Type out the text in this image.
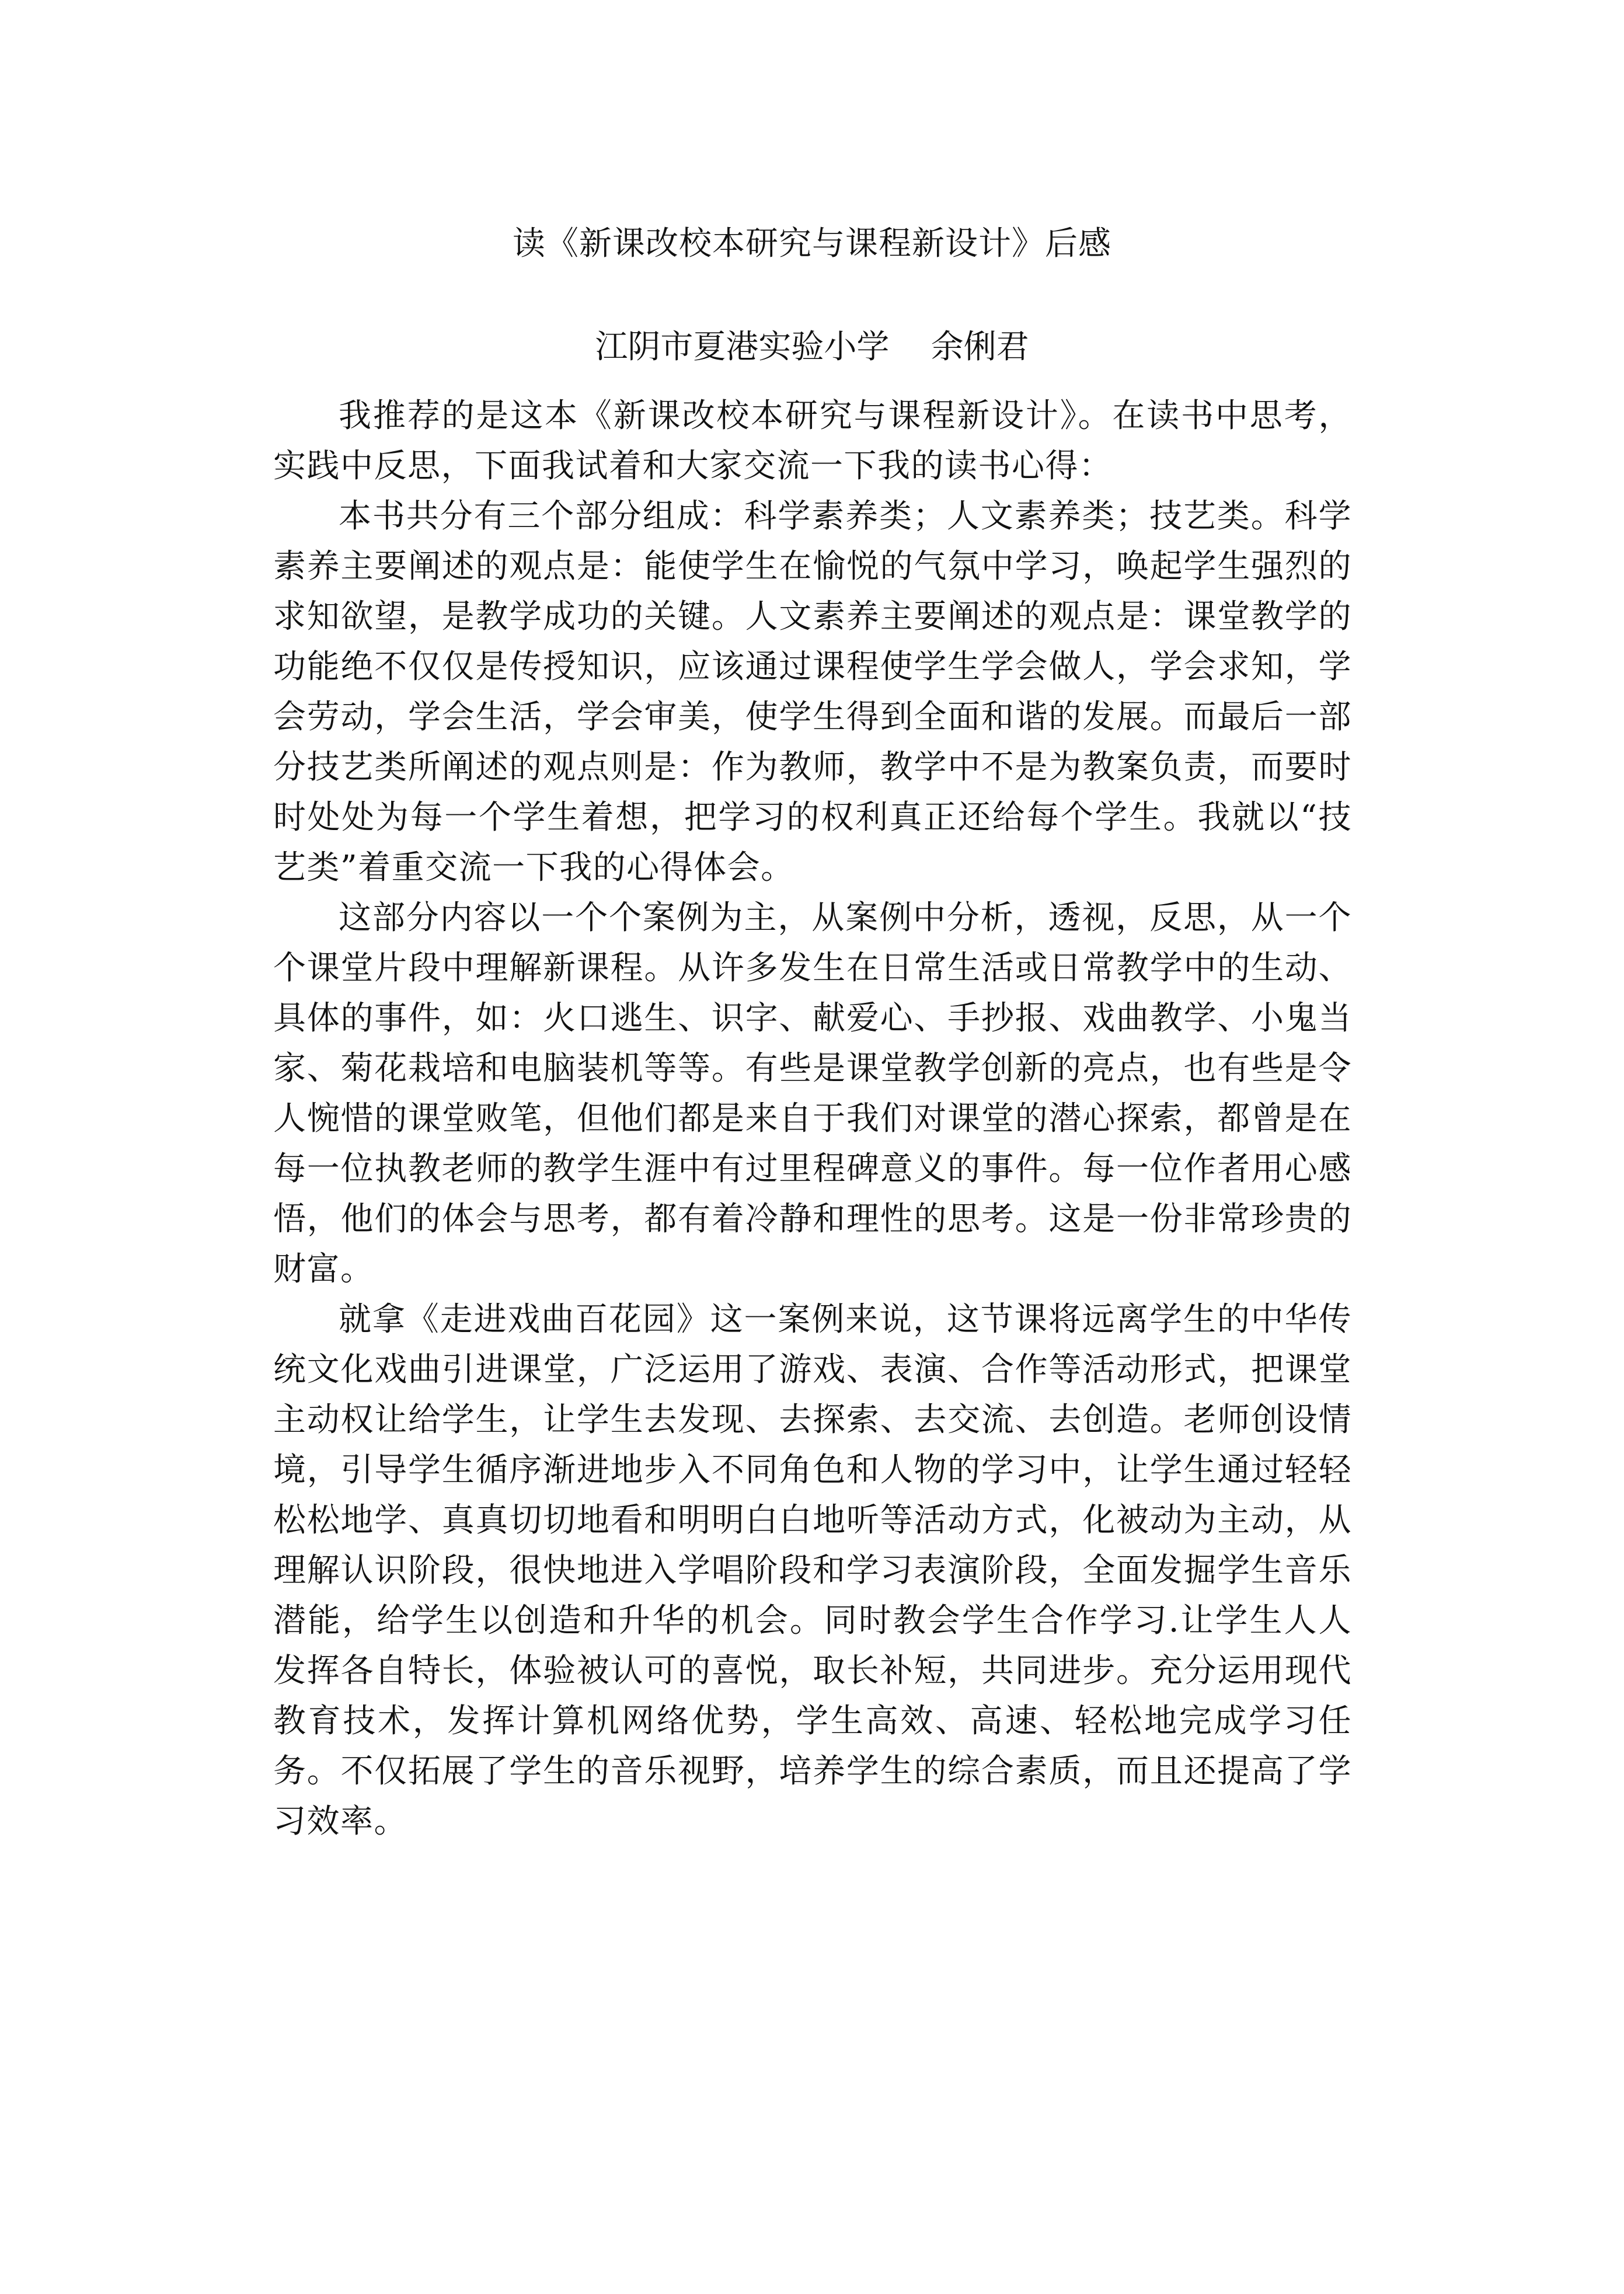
读《新课改校本研究与课程新设计》后感
江阴市夏港实验小学    余俐君

我推荐的是这本《新课改校本研究与课程新设计》。在读书中思考，实践中反思，下面我试着和大家交流一下我的读书心得：

本书共分有三个部分组成：科学素养类；人文素养类；技艺类。科学素养主要阐述的观点是：能使学生在愉悦的气氛中学习，唤起学生强烈的求知欲望，是教学成功的关键。人文素养主要阐述的观点是：课堂教学的功能绝不仅仅是传授知识，应该通过课程使学生学会做人，学会求知，学会劳动，学会生活，学会审美，使学生得到全面和谐的发展。而最后一部分技艺类所阐述的观点则是：作为教师，教学中不是为教案负责，而要时时处处为每一个学生着想，把学习的权利真正还给每个学生。我就以“技艺类”着重交流一下我的心得体会。

这部分内容以一个个案例为主，从案例中分析，透视，反思，从一个个课堂片段中理解新课程。从许多发生在日常生活或日常教学中的生动、具体的事件，如：火口逃生、识字、献爱心、手抄报、戏曲教学、小鬼当家、菊花栽培和电脑装机等等。有些是课堂教学创新的亮点，也有些是令人惋惜的课堂败笔，但他们都是来自于我们对课堂的潜心探索，都曾是在每一位执教老师的教学生涯中有过里程碑意义的事件。每一位作者用心感悟，他们的体会与思考，都有着冷静和理性的思考。这是一份非常珍贵的财富。

就拿《走进戏曲百花园》这一案例来说，这节课将远离学生的中华传统文化戏曲引进课堂，广泛运用了游戏、表演、合作等活动形式，把课堂主动权让给学生，让学生去发现、去探索、去交流、去创造。老师创设情境，引导学生循序渐进地步入不同角色和人物的学习中，让学生通过轻轻松松地学、真真切切地看和明明白白地听等活动方式，化被动为主动，从理解认识阶段，很快地进入学唱阶段和学习表演阶段，全面发掘学生音乐潜能，给学生以创造和升华的机会。同时教会学生合作学习.让学生人人发挥各自特长，体验被认可的喜悦，取长补短，共同进步。充分运用现代教育技术，发挥计算机网络优势，学生高效、高速、轻松地完成学习任务。不仅拓展了学生的音乐视野，培养学生的综合素质，而且还提高了学习效率。
